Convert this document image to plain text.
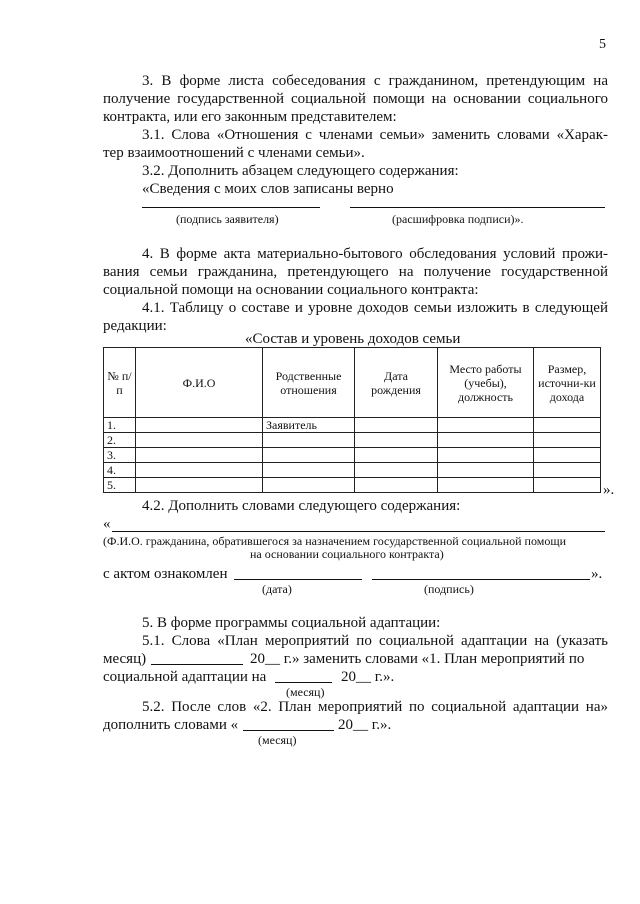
5
3. В форме листа собеседования с гражданином, претендующим на
получение государственной социальной помощи на основании социального
контракта, или его законным представителем:
3.1. Слова «Отношения с членами семьи» заменить словами «Харак-
тер взаимоотношений с членами семьи».
3.2. Дополнить абзацем следующего содержания:
«Сведения с моих слов записаны верно
(подпись заявителя)	(расшифровка подписи)».
4. В форме акта материально-бытового обследования условий прожи-
вания семьи гражданина, претендующего на получение государственной
социальной помощи на основании социального контракта:
4.1. Таблицу о составе и уровне доходов семьи изложить в следующей
редакции:
«Состав и уровень доходов семьи
№ п/п	Ф.И.О	Родственные отношения	Дата рождения	Место работы (учебы), должность	Размер, источни-ки дохода
1.		Заявитель			
2.					
3.					
4.					
5.						».
4.2. Дополнить словами следующего содержания:
«
(Ф.И.О. гражданина, обратившегося за назначением государственной социальной помощи
на основании социального контракта)
с актом ознакомлен	».
(дата)	(подпись)
5. В форме программы социальной адаптации:
5.1. Слова «План мероприятий по социальной адаптации на (указать
месяц)	20__ г.» заменить словами «1. План мероприятий по
социальной адаптации на	20__ г.».
(месяц)
5.2. После слов «2. План мероприятий по социальной адаптации на»
дополнить словами «	20__ г.».
(месяц)
